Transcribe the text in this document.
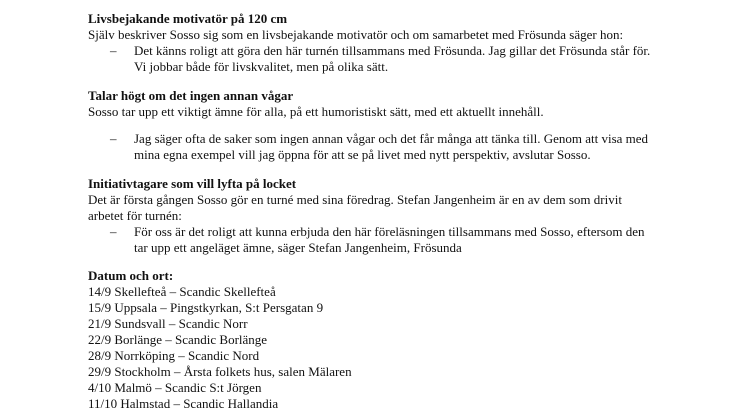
Livsbejakande motivatör på 120 cm

Själv beskriver Sosso sig som en livsbejakande motivatör och om samarbetet med Frösunda säger hon:

– Det känns roligt att göra den här turnén tillsammans med Frösunda. Jag gillar det Frösunda står för. Vi jobbar både för livskvalitet, men på olika sätt.

Talar högt om det ingen annan vågar

Sosso tar upp ett viktigt ämne för alla, på ett humoristiskt sätt, med ett aktuellt innehåll.

– Jag säger ofta de saker som ingen annan vågar och det får många att tänka till. Genom att visa med mina egna exempel vill jag öppna för att se på livet med nytt perspektiv, avslutar Sosso.

Initiativtagare som vill lyfta på locket

Det är första gången Sosso gör en turné med sina föredrag. Stefan Jangenheim är en av dem som drivit arbetet för turnén:

– För oss är det roligt att kunna erbjuda den här föreläsningen tillsammans med Sosso, eftersom den tar upp ett angeläget ämne, säger Stefan Jangenheim, Frösunda

Datum och ort:

14/9 Skellefteå – Scandic Skellefteå
15/9 Uppsala – Pingstkyrkan, S:t Persgatan 9
21/9 Sundsvall – Scandic Norr
22/9 Borlänge – Scandic Borlänge
28/9 Norrköping – Scandic Nord
29/9 Stockholm – Årsta folkets hus, salen Mälaren
4/10 Malmö – Scandic S:t Jörgen
11/10 Halmstad – Scandic Hallandia
